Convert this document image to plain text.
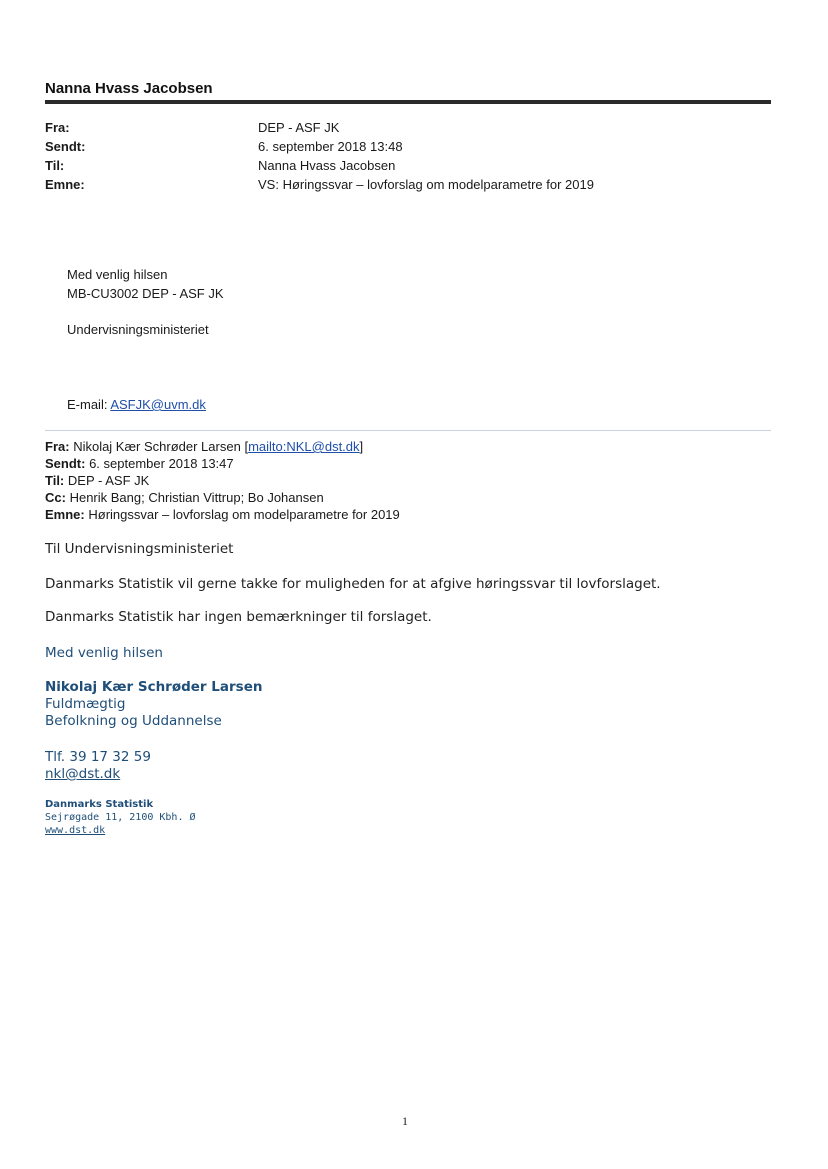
Nanna Hvass Jacobsen
Fra:	DEP - ASF JK
Sendt:	6. september 2018 13:48
Til:	Nanna Hvass Jacobsen
Emne:	VS: Høringssvar – lovforslag om modelparametre for 2019
Med venlig hilsen
MB-CU3002 DEP - ASF JK
Undervisningsministeriet
E-mail: ASFJK@uvm.dk
Fra: Nikolaj Kær Schrøder Larsen [mailto:NKL@dst.dk]
Sendt: 6. september 2018 13:47
Til: DEP - ASF JK
Cc: Henrik Bang; Christian Vittrup; Bo Johansen
Emne: Høringssvar – lovforslag om modelparametre for 2019
Til Undervisningsministeriet
Danmarks Statistik vil gerne takke for muligheden for at afgive høringssvar til lovforslaget.
Danmarks Statistik har ingen bemærkninger til forslaget.
Med venlig hilsen
Nikolaj Kær Schrøder Larsen
Fuldmægtig
Befolkning og Uddannelse
Tlf. 39 17 32 59
nkl@dst.dk
Danmarks Statistik
Sejrøgade 11, 2100 Kbh. Ø
www.dst.dk
1
